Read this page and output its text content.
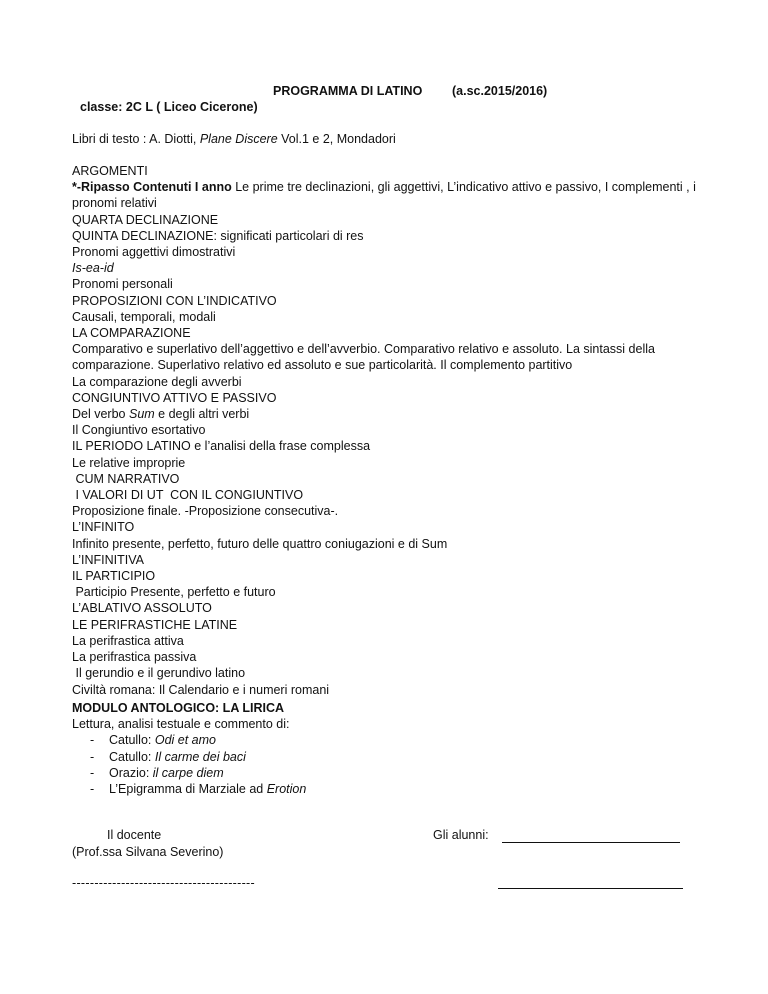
PROGRAMMA DI LATINO (a.sc.2015/2016)
classe: 2C L ( Liceo Cicerone)
Libri di testo : A. Diotti, Plane Discere Vol.1 e 2, Mondadori
ARGOMENTI
*-Ripasso Contenuti I anno Le prime tre declinazioni, gli aggettivi, L’indicativo attivo e passivo, I complementi , i pronomi relativi
QUARTA DECLINAZIONE
QUINTA DECLINAZIONE: significati particolari di res
Pronomi aggettivi dimostrativi
Is-ea-id
Pronomi personali
PROPOSIZIONI CON L’INDICATIVO
Causali, temporali, modali
LA COMPARAZIONE
Comparativo e superlativo dell’aggettivo e dell’avverbio. Comparativo relativo e assoluto. La sintassi della comparazione. Superlativo relativo ed assoluto e sue particolarità. Il complemento partitivo
La comparazione degli avverbi
CONGIUNTIVO ATTIVO E PASSIVO
Del verbo Sum e degli altri verbi
Il Congiuntivo esortativo
IL PERIODO LATINO e l’analisi della frase complessa
Le relative improprie
CUM NARRATIVO
I VALORI DI UT  CON IL CONGIUNTIVO
Proposizione finale. -Proposizione consecutiva-.
L’INFINITO
Infinito presente, perfetto, futuro delle quattro coniugazioni e di Sum
L’INFINITIVA
IL PARTICIPIO
Participio Presente, perfetto e futuro
L’ABLATIVO ASSOLUTO
LE PERIFRASTICHE LATINE
La perifrastica attiva
La perifrastica passiva
Il gerundio e il gerundivo latino
Civiltà romana: Il Calendario e i numeri romani
MODULO ANTOLOGICO: LA LIRICA
Lettura, analisi testuale e commento di:
- Catullo: Odi et amo
- Catullo: Il carme dei baci
- Orazio: il carpe diem
- L’Epigramma di Marziale ad Erotion
Il docente
(Prof.ssa Silvana Severino)
-----------------------------------------
Gli alunni:
